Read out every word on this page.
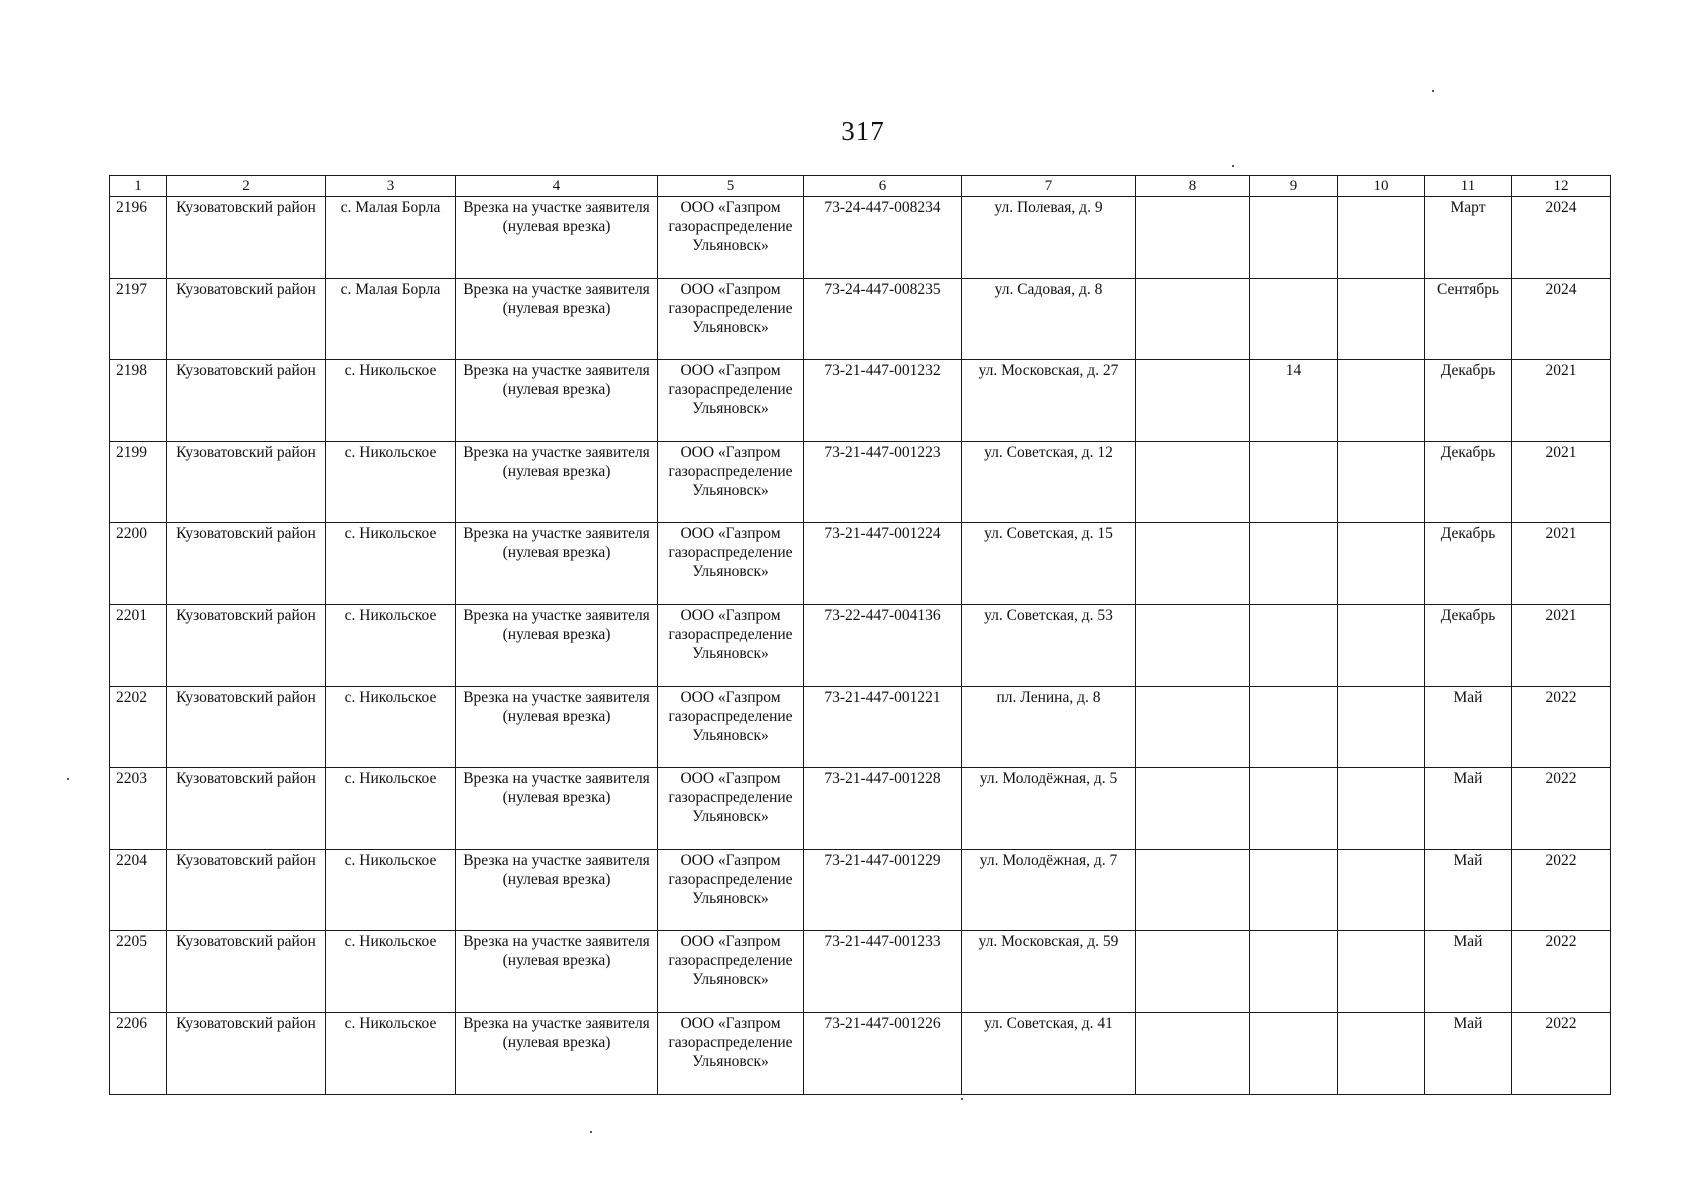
317
1	2	3	4	5	6	7	8	9	10	11	12
2196	Кузоватовский район	с. Малая Борла	Врезка на участке заявителя (нулевая врезка)	ООО «Газпром газораспределение Ульяновск»	73-24-447-008234	ул. Полевая, д. 9				Март	2024
2197	Кузоватовский район	с. Малая Борла	Врезка на участке заявителя (нулевая врезка)	ООО «Газпром газораспределение Ульяновск»	73-24-447-008235	ул. Садовая, д. 8				Сентябрь	2024
2198	Кузоватовский район	с. Никольское	Врезка на участке заявителя (нулевая врезка)	ООО «Газпром газораспределение Ульяновск»	73-21-447-001232	ул. Московская, д. 27		14		Декабрь	2021
2199	Кузоватовский район	с. Никольское	Врезка на участке заявителя (нулевая врезка)	ООО «Газпром газораспределение Ульяновск»	73-21-447-001223	ул. Советская, д. 12				Декабрь	2021
2200	Кузоватовский район	с. Никольское	Врезка на участке заявителя (нулевая врезка)	ООО «Газпром газораспределение Ульяновск»	73-21-447-001224	ул. Советская, д. 15				Декабрь	2021
2201	Кузоватовский район	с. Никольское	Врезка на участке заявителя (нулевая врезка)	ООО «Газпром газораспределение Ульяновск»	73-22-447-004136	ул. Советская, д. 53				Декабрь	2021
2202	Кузоватовский район	с. Никольское	Врезка на участке заявителя (нулевая врезка)	ООО «Газпром газораспределение Ульяновск»	73-21-447-001221	пл. Ленина, д. 8				Май	2022
2203	Кузоватовский район	с. Никольское	Врезка на участке заявителя (нулевая врезка)	ООО «Газпром газораспределение Ульяновск»	73-21-447-001228	ул. Молодёжная, д. 5				Май	2022
2204	Кузоватовский район	с. Никольское	Врезка на участке заявителя (нулевая врезка)	ООО «Газпром газораспределение Ульяновск»	73-21-447-001229	ул. Молодёжная, д. 7				Май	2022
2205	Кузоватовский район	с. Никольское	Врезка на участке заявителя (нулевая врезка)	ООО «Газпром газораспределение Ульяновск»	73-21-447-001233	ул. Московская, д. 59				Май	2022
2206	Кузоватовский район	с. Никольское	Врезка на участке заявителя (нулевая врезка)	ООО «Газпром газораспределение Ульяновск»	73-21-447-001226	ул. Советская, д. 41				Май	2022
